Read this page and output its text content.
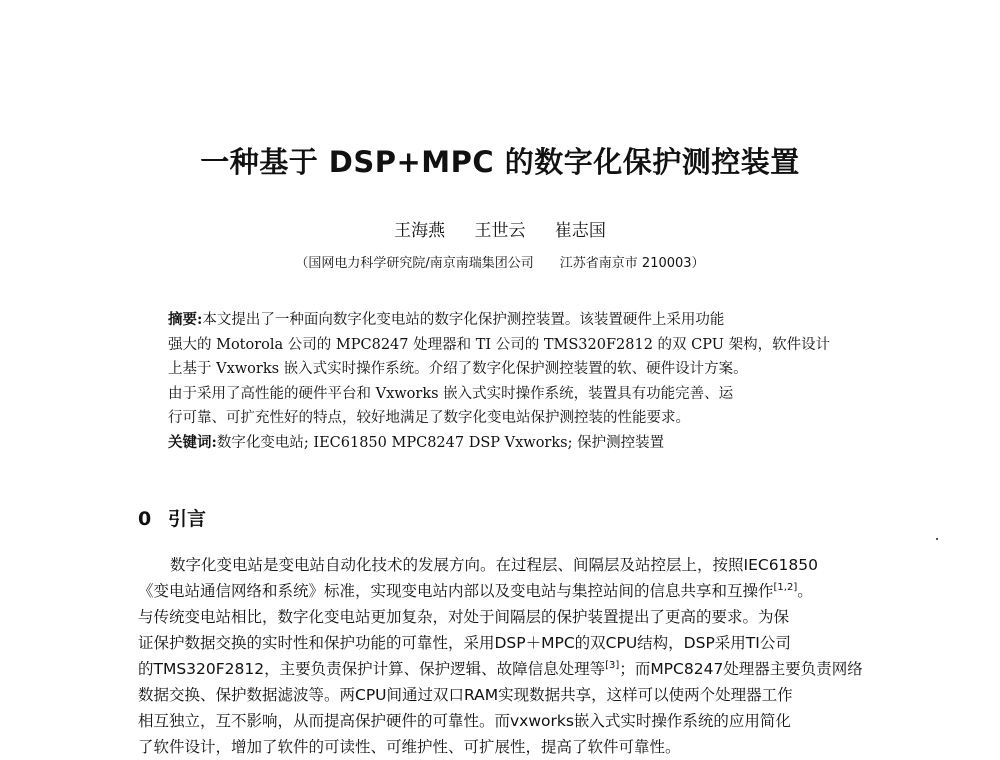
一种基于 DSP+MPC 的数字化保护测控装置
王海燕 王世云 崔志国
（国网电力科学研究院/南京南瑞集团公司　　江苏省南京市 210003）
摘要:本文提出了一种面向数字化变电站的数字化保护测控装置。该装置硬件上采用功能
强大的 Motorola 公司的 MPC8247 处理器和 TI 公司的 TMS320F2812 的双 CPU 架构，软件设计
上基于 Vxworks 嵌入式实时操作系统。介绍了数字化保护测控装置的软、硬件设计方案。
由于采用了高性能的硬件平台和 Vxworks 嵌入式实时操作系统，装置具有功能完善、运
行可靠、可扩充性好的特点，较好地满足了数字化变电站保护测控装的性能要求。
关键词:数字化变电站; IEC61850 MPC8247 DSP Vxworks; 保护测控装置
0 引言
数字化变电站是变电站自动化技术的发展方向。在过程层、间隔层及站控层上，按照IEC61850
《变电站通信网络和系统》标准，实现变电站内部以及变电站与集控站间的信息共享和互操作[1,2]。
与传统变电站相比，数字化变电站更加复杂，对处于间隔层的保护装置提出了更高的要求。为保
证保护数据交换的实时性和保护功能的可靠性，采用DSP＋MPC的双CPU结构，DSP采用TI公司
的TMS320F2812，主要负责保护计算、保护逻辑、故障信息处理等[3]；而MPC8247处理器主要负责网络
数据交换、保护数据滤波等。两CPU间通过双口RAM实现数据共享，这样可以使两个处理器工作
相互独立，互不影响，从而提高保护硬件的可靠性。而vxworks嵌入式实时操作系统的应用简化
了软件设计，增加了软件的可读性、可维护性、可扩展性，提高了软件可靠性。
